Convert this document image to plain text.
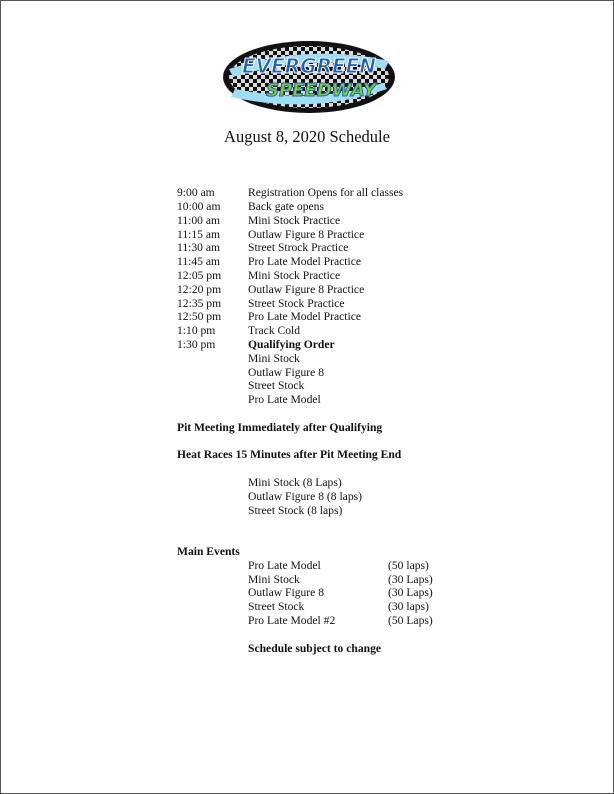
EVERGREEN
SPEEDWAY
August 8, 2020 Schedule
9:00 am	Registration Opens for all classes
10:00 am Back gate opens
11:00 am Mini Stock Practice
11:15 am Outlaw Figure 8 Practice
11:30 am Street Strock Practice
11:45 am Pro Late Model Practice
12:05 pm Mini Stock Practice
12:20 pm Outlaw Figure 8 Practice
12:35 pm Street Stock Practice
12:50 pm Pro Late Model Practice
1:10 pm	Track Cold
1:30 pm	Qualifying Order
Mini Stock
Outlaw Figure 8
Street Stock
Pro Late Model
Pit Meeting Immediately after Qualifying
Heat Races 15 Minutes after Pit Meeting End
Mini Stock (8 Laps)
Outlaw Figure 8 (8 laps)
Street Stock (8 laps)
Main Events
Pro Late Model	(50 laps)
Mini Stock	(30 Laps)
Outlaw Figure 8	(30 Laps)
Street Stock	(30 laps)
Pro Late Model #2	(50 Laps)
Schedule subject to change
